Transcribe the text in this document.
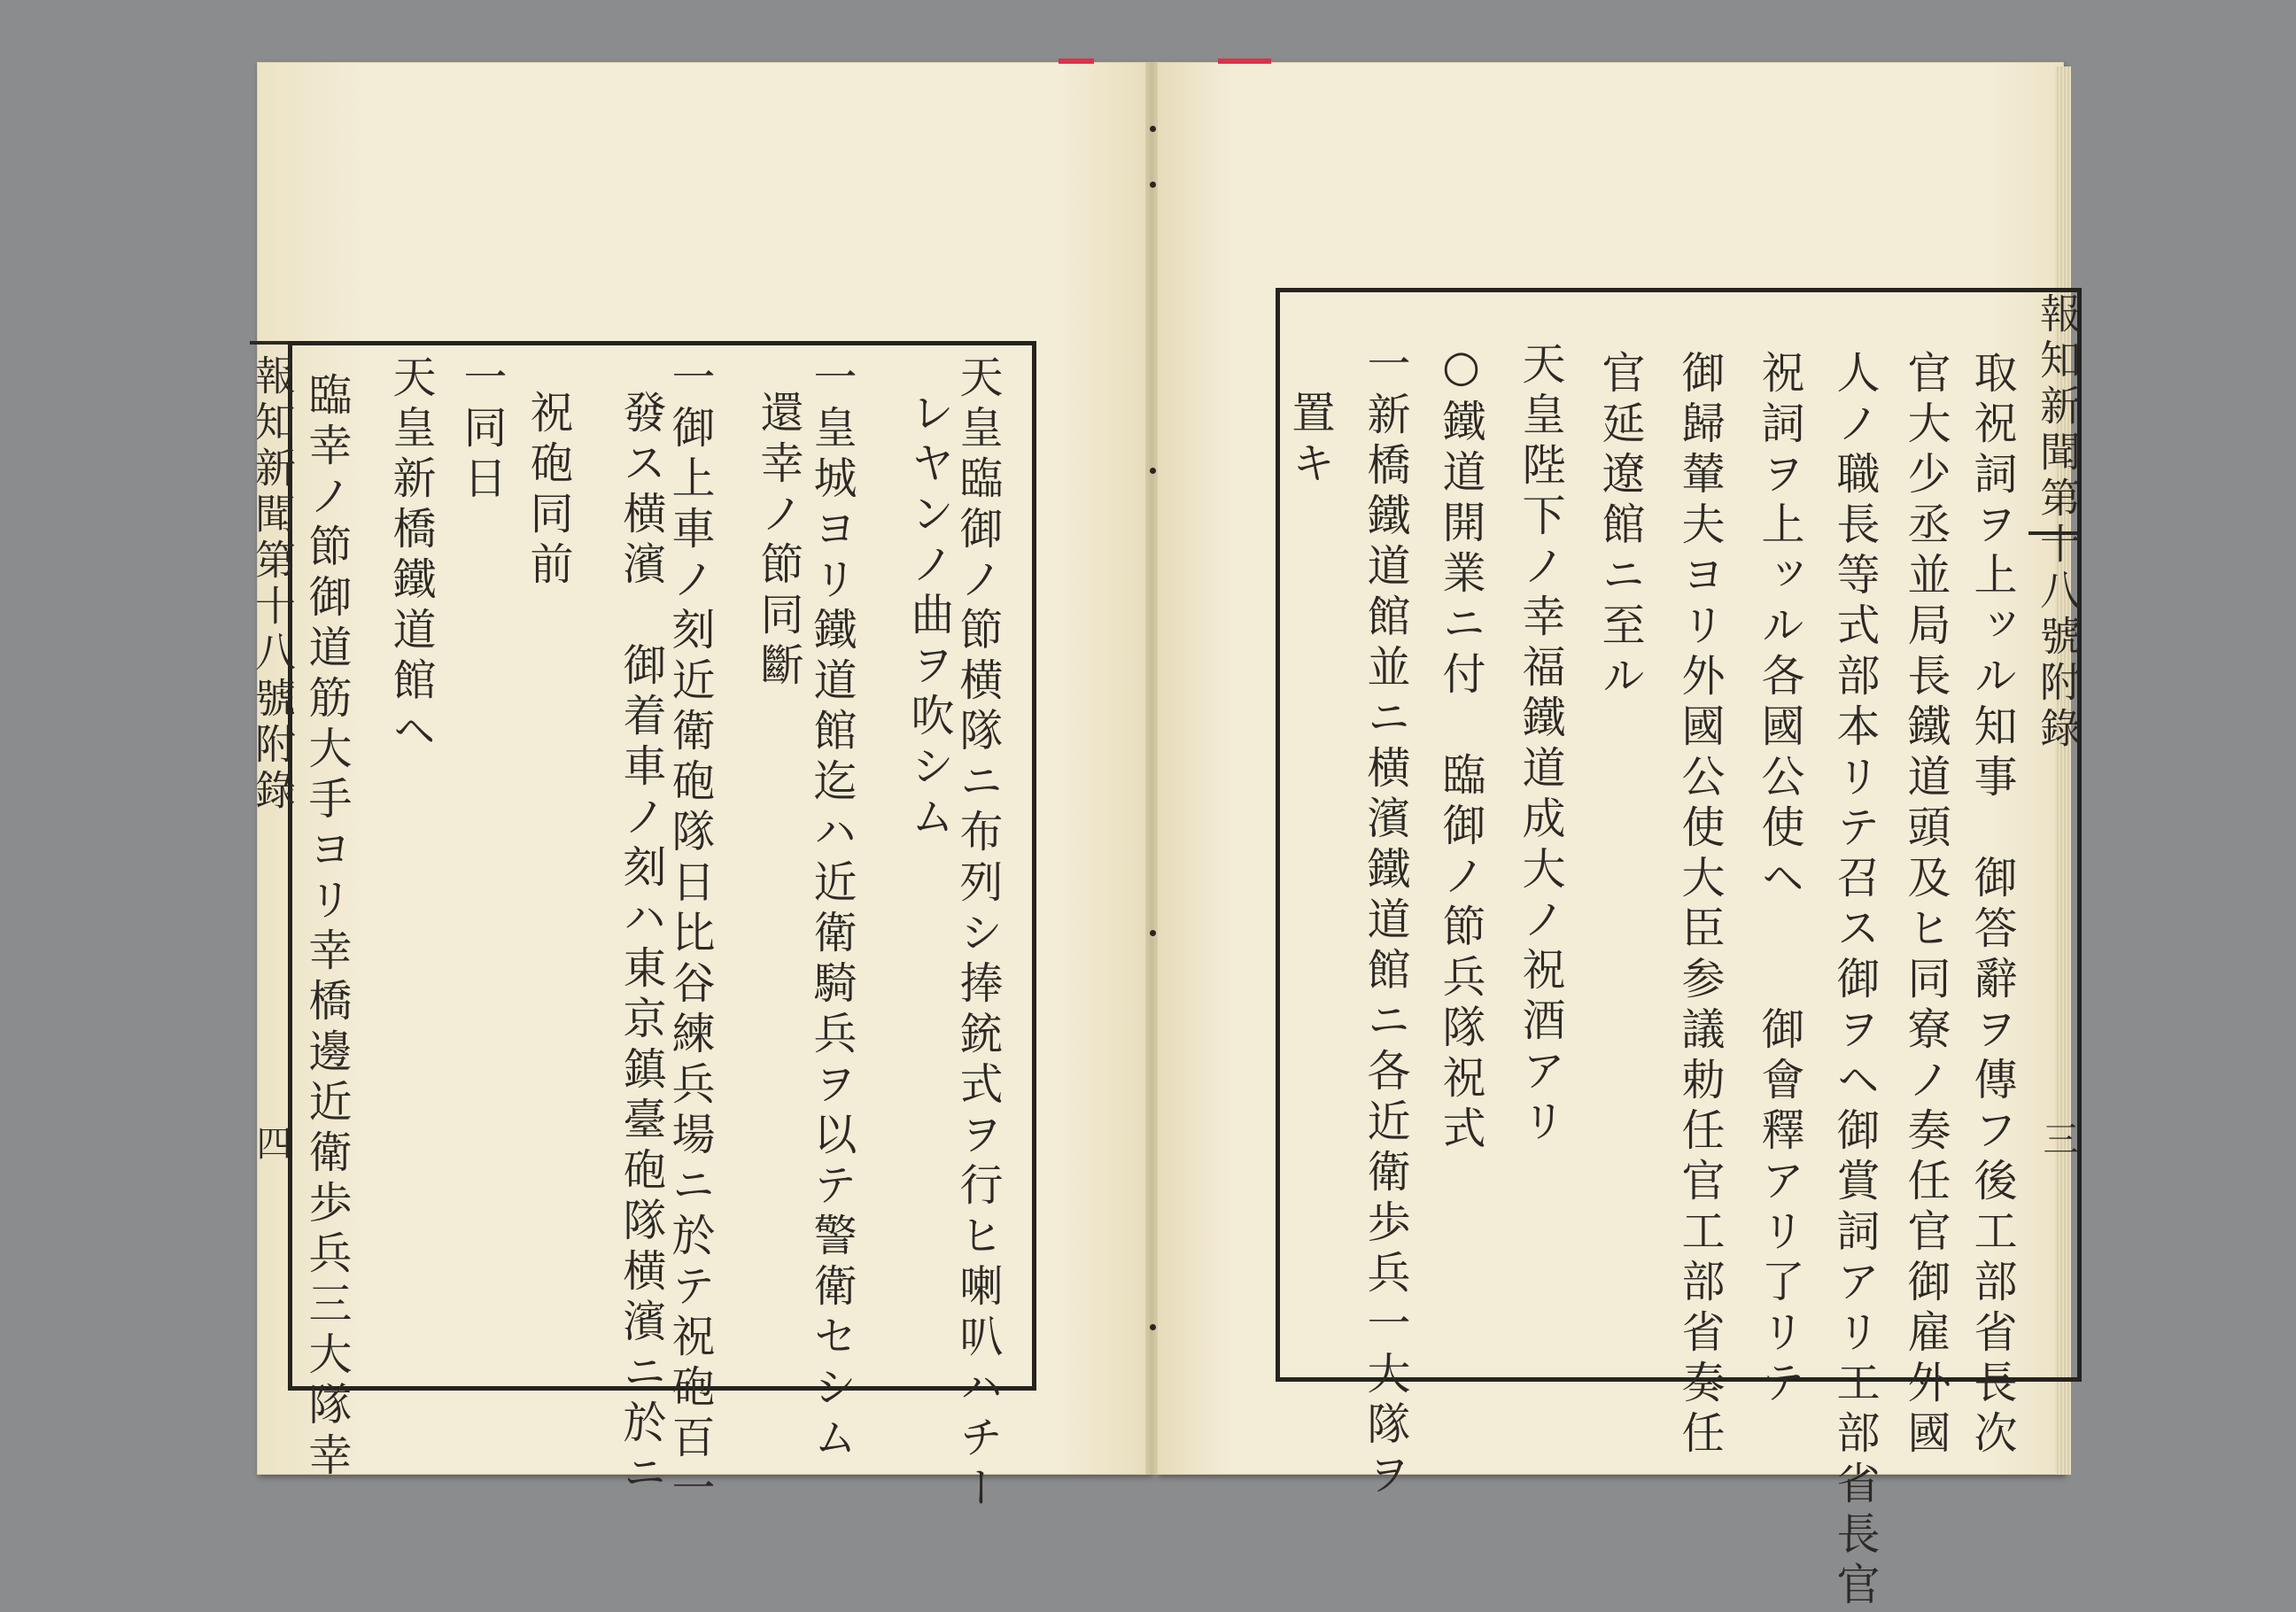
報知新聞第十八號附錄
四	天皇臨御ノ節横隊ニ布列シ捧銃式ヲ行ヒ喇叭ハチー
レヤンノ曲ヲ吹シム
一皇城ヨリ鐵道館迄ハ近衛騎兵ヲ以テ警衛セシム
還幸ノ節同斷
一御上車ノ刻近衛砲隊日比谷練兵場ニ於テ祝砲百一
發ス横濱　御着車ノ刻ハ東京鎮臺砲隊横濱ニ於ニ
祝砲同前
一同日
天皇新橋鐵道館ヘ
臨幸ノ節御道筋大手ヨリ幸橋邊近衛歩兵三大隊幸	報知新聞第十八號附錄
三
取祝詞ヲ上ッル知事　御答辭ヲ傳フ後工部省長次
官大少丞並局長鐵道頭及ヒ同寮ノ奏任官御雇外國
人ノ職長等式部本リテ召ス御ヲヘ御賞詞アリ工部省長官
祝詞ヲ上ッル各國公使ヘ　　御會釋アリ了リテ
御歸輦夫ヨリ外國公使大臣参議勅任官工部省奏任
官延遼館ニ至ル
天皇陛下ノ幸福鐵道成大ノ祝酒アリ
○鐵道開業ニ付　臨御ノ節兵隊祝式
一新橋鐵道館並ニ横濱鐵道館ニ各近衛歩兵一大隊ヲ
置キ
